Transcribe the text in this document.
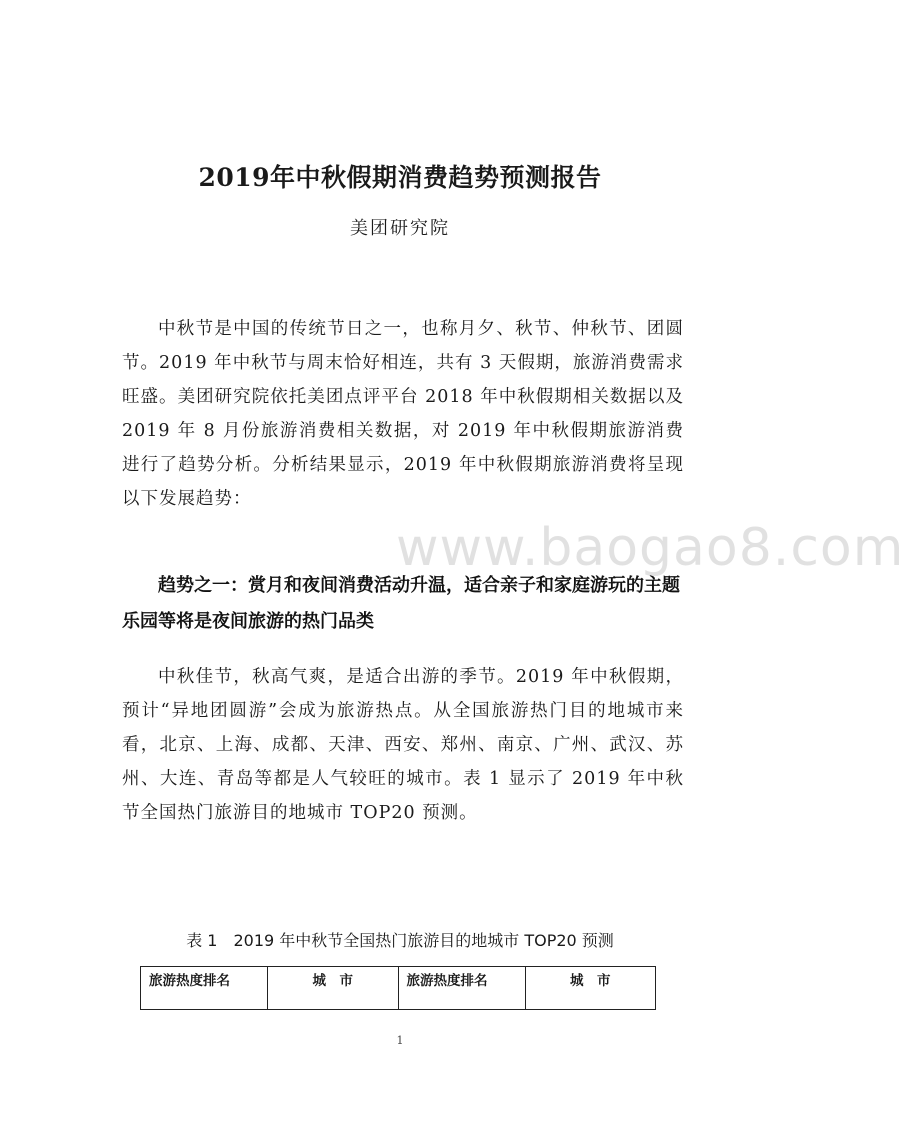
2019年中秋假期消费趋势预测报告
美团研究院

中秋节是中国的传统节日之一，也称月夕、秋节、仲秋节、团圆节。2019 年中秋节与周末恰好相连，共有 3 天假期，旅游消费需求旺盛。美团研究院依托美团点评平台 2018 年中秋假期相关数据以及 2019 年 8 月份旅游消费相关数据，对 2019 年中秋假期旅游消费进行了趋势分析。分析结果显示，2019 年中秋假期旅游消费将呈现以下发展趋势：

趋势之一：赏月和夜间消费活动升温，适合亲子和家庭游玩的主题乐园等将是夜间旅游的热门品类

中秋佳节，秋高气爽，是适合出游的季节。2019 年中秋假期，预计“异地团圆游”会成为旅游热点。从全国旅游热门目的地城市来看，北京、上海、成都、天津、西安、郑州、南京、广州、武汉、苏州、大连、青岛等都是人气较旺的城市。表 1 显示了 2019 年中秋节全国热门旅游目的地城市 TOP20 预测。

表 1　2019 年中秋节全国热门旅游目的地城市 TOP20 预测
旅游热度排名	城　市	旅游热度排名	城　市
www.baogao8.com
1
